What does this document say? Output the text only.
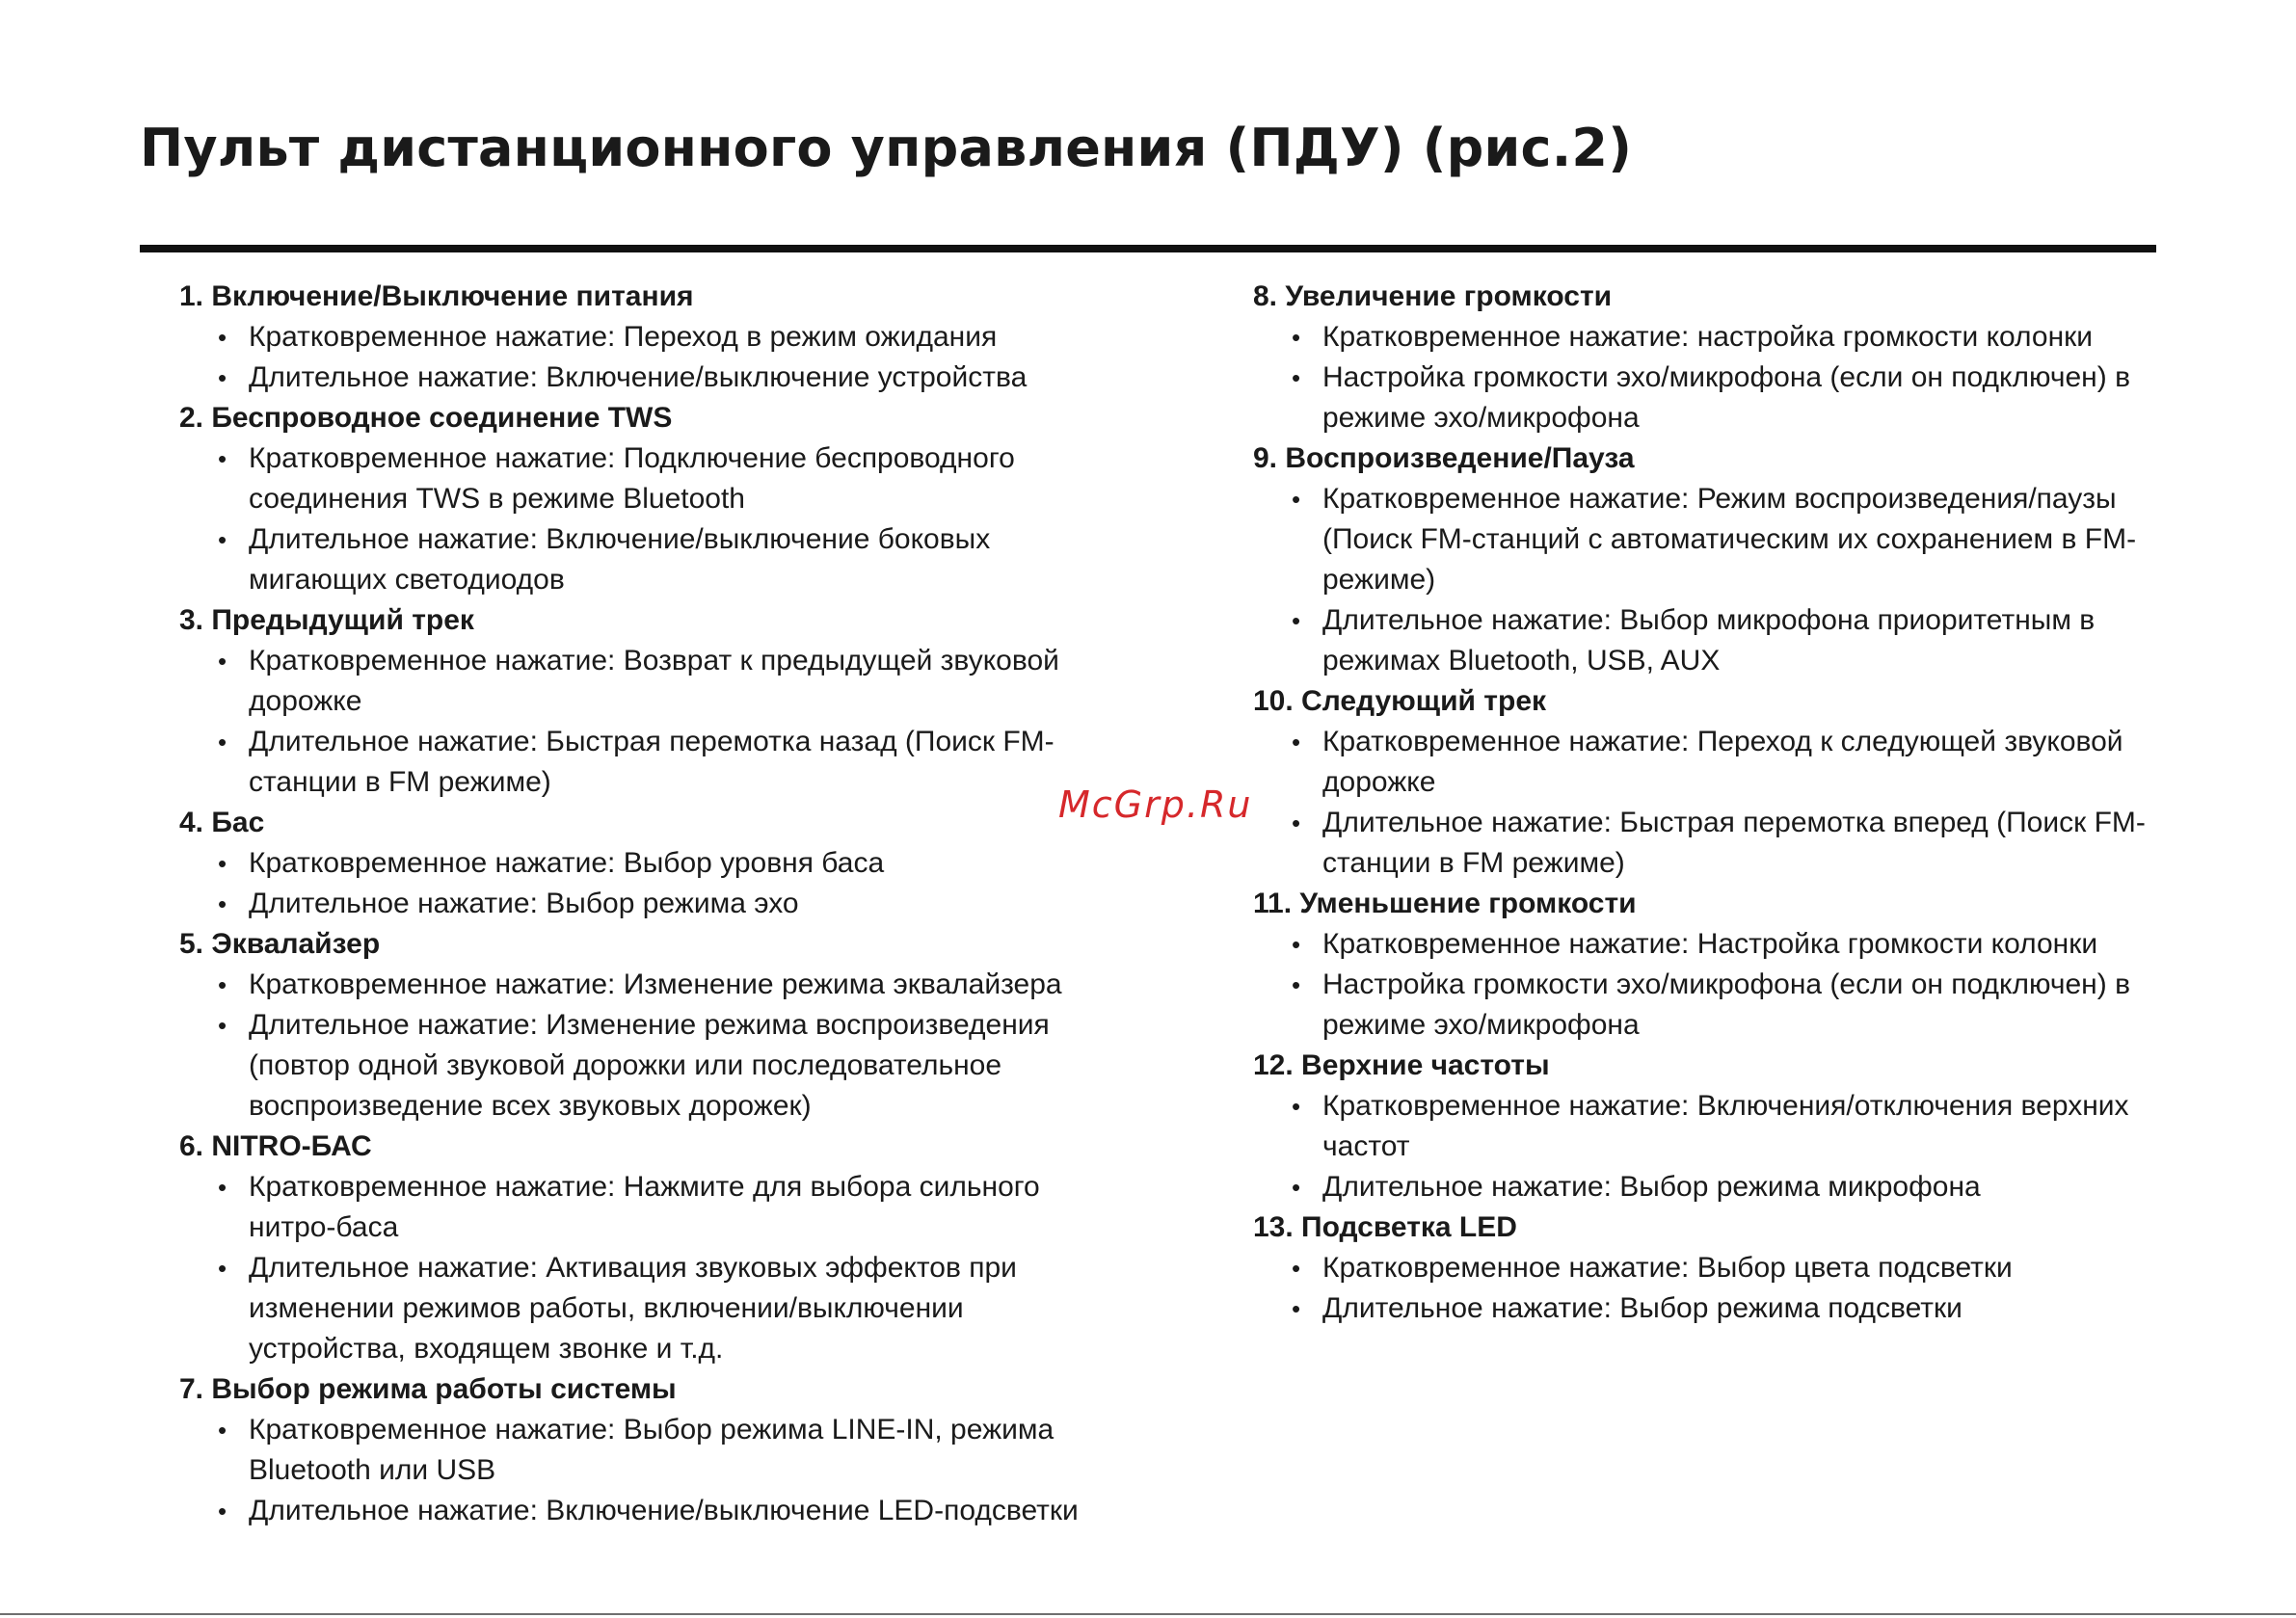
Пульт дистанционного управления (ПДУ) (рис.2)
1. Включение/Выключение питания
• Кратковременное нажатие: Переход в режим ожидания
• Длительное нажатие: Включение/выключение устройства
2. Беспроводное соединение TWS
• Кратковременное нажатие: Подключение беспроводного соединения TWS в режиме Bluetooth
• Длительное нажатие: Включение/выключение боковых мигающих светодиодов
3. Предыдущий трек
• Кратковременное нажатие: Возврат к предыдущей звуковой дорожке
• Длительное нажатие: Быстрая перемотка назад (Поиск FM-станции в FM режиме)
4. Бас
• Кратковременное нажатие: Выбор уровня баса
• Длительное нажатие: Выбор режима эхо
5. Эквалайзер
• Кратковременное нажатие: Изменение режима эквалайзера
• Длительное нажатие: Изменение режима воспроизведения (повтор одной звуковой дорожки или последовательное воспроизведение всех звуковых дорожек)
6. NITRO-БАС
• Кратковременное нажатие: Нажмите для выбора сильного нитро-баса
• Длительное нажатие: Активация звуковых эффектов при изменении режимов работы, включении/выключении устройства, входящем звонке и т.д.
7. Выбор режима работы системы
• Кратковременное нажатие: Выбор режима LINE-IN, режима Bluetooth или USB
• Длительное нажатие: Включение/выключение LED-подсветки
8. Увеличение громкости
• Кратковременное нажатие: настройка громкости колонки
• Настройка громкости эхо/микрофона (если он подключен) в режиме эхо/микрофона
9. Воспроизведение/Пауза
• Кратковременное нажатие: Режим воспроизведения/паузы (Поиск FM-станций с автоматическим их сохранением в FM-режиме)
• Длительное нажатие: Выбор микрофона приоритетным в режимах Bluetooth, USB, AUX
10. Следующий трек
• Кратковременное нажатие: Переход к следующей звуковой дорожке
• Длительное нажатие: Быстрая перемотка вперед (Поиск FM-станции в FM режиме)
11. Уменьшение громкости
• Кратковременное нажатие: Настройка громкости колонки
• Настройка громкости эхо/микрофона (если он подключен) в режиме эхо/микрофона
12. Верхние частоты
• Кратковременное нажатие: Включения/отключения верхних частот
• Длительное нажатие: Выбор режима микрофона
13. Подсветка LED
• Кратковременное нажатие: Выбор цвета подсветки
• Длительное нажатие: Выбор режима подсветки
McGrp.Ru
